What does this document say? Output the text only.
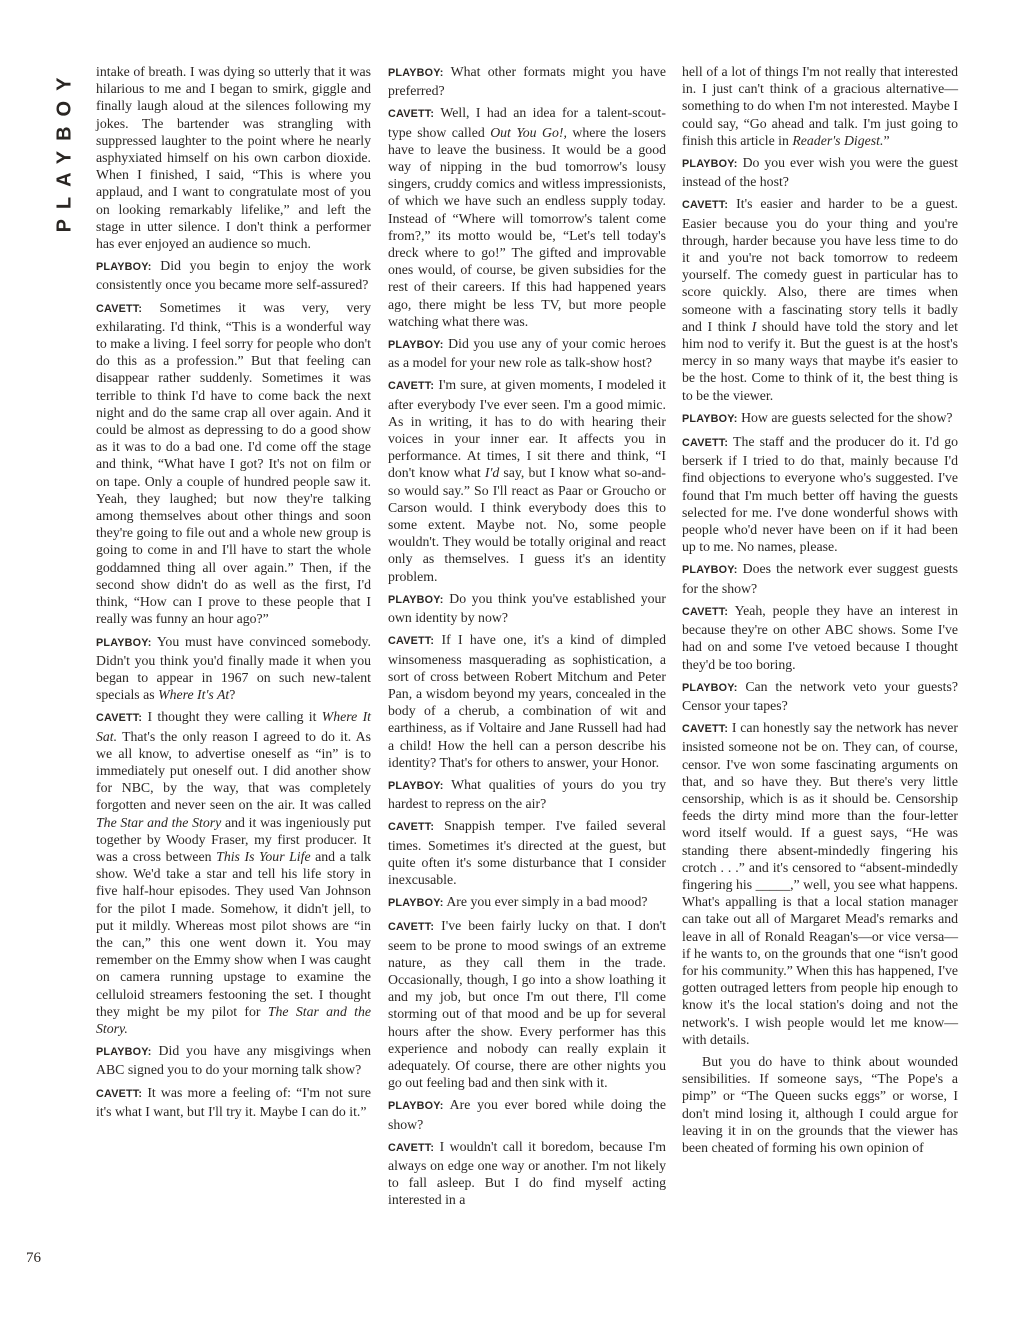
PLAYBOY
76

intake of breath. I was dying so utterly that it was hilarious to me and I began to smirk, giggle and finally laugh aloud at the silences following my jokes. The bartender was strangling with suppressed laughter to the point where he nearly asphyxiated himself on his own carbon dioxide. When I finished, I said, “This is where you applaud, and I want to congratulate most of you on looking remarkably lifelike,” and left the stage in utter silence. I don't think a performer has ever enjoyed an audience so much.

PLAYBOY: Did you begin to enjoy the work consistently once you became more self-assured?

CAVETT: Sometimes it was very, very exhilarating. I'd think, “This is a wonderful way to make a living. I feel sorry for people who don't do this as a profession.” But that feeling can disappear rather suddenly. Sometimes it was terrible to think I'd have to come back the next night and do the same crap all over again. And it could be almost as depressing to do a good show as it was to do a bad one. I'd come off the stage and think, “What have I got? It's not on film or on tape. Only a couple of hundred people saw it. Yeah, they laughed; but now they're talking among themselves about other things and soon they're going to file out and a whole new group is going to come in and I'll have to start the whole goddamned thing all over again.” Then, if the second show didn't do as well as the first, I'd think, “How can I prove to these people that I really was funny an hour ago?”

PLAYBOY: You must have convinced somebody. Didn't you think you'd finally made it when you began to appear in 1967 on such new-talent specials as Where It's At?

CAVETT: I thought they were calling it Where It Sat. That's the only reason I agreed to do it. As we all know, to advertise oneself as “in” is to immediately put oneself out. I did another show for NBC, by the way, that was completely forgotten and never seen on the air. It was called The Star and the Story and it was ingeniously put together by Woody Fraser, my first producer. It was a cross between This Is Your Life and a talk show. We'd take a star and tell his life story in five half-hour episodes. They used Van Johnson for the pilot I made. Somehow, it didn't jell, to put it mildly. Whereas most pilot shows are “in the can,” this one went down it. You may remember on the Emmy show when I was caught on camera running upstage to examine the celluloid streamers festooning the set. I thought they might be my pilot for The Star and the Story.

PLAYBOY: Did you have any misgivings when ABC signed you to do your morning talk show?

CAVETT: It was more a feeling of: “I'm not sure it's what I want, but I'll try it. Maybe I can do it.”

PLAYBOY: What other formats might you have preferred?

CAVETT: Well, I had an idea for a talent-scout-type show called Out You Go!, where the losers have to leave the business. It would be a good way of nipping in the bud tomorrow's lousy singers, cruddy comics and witless impressionists, of which we have such an endless supply today. Instead of “Where will tomorrow's talent come from?,” its motto would be, “Let's tell today's dreck where to go!” The gifted and improvable ones would, of course, be given subsidies for the rest of their careers. If this had happened years ago, there might be less TV, but more people watching what there was.

PLAYBOY: Did you use any of your comic heroes as a model for your new role as talk-show host?

CAVETT: I'm sure, at given moments, I modeled it after everybody I've ever seen. I'm a good mimic. As in writing, it has to do with hearing their voices in your inner ear. It affects you in performance. At times, I sit there and think, “I don't know what I'd say, but I know what so-and-so would say.” So I'll react as Paar or Groucho or Carson would. I think everybody does this to some extent. Maybe not. No, some people wouldn't. They would be totally original and react only as themselves. I guess it's an identity problem.

PLAYBOY: Do you think you've established your own identity by now?

CAVETT: If I have one, it's a kind of dimpled winsomeness masquerading as sophistication, a sort of cross between Robert Mitchum and Peter Pan, a wisdom beyond my years, concealed in the body of a cherub, a combination of wit and earthiness, as if Voltaire and Jane Russell had had a child! How the hell can a person describe his identity? That's for others to answer, your Honor.

PLAYBOY: What qualities of yours do you try hardest to repress on the air?

CAVETT: Snappish temper. I've failed several times. Sometimes it's directed at the guest, but quite often it's some disturbance that I consider inexcusable.

PLAYBOY: Are you ever simply in a bad mood?

CAVETT: I've been fairly lucky on that. I don't seem to be prone to mood swings of an extreme nature, as they call them in the trade. Occasionally, though, I go into a show loathing it and my job, but once I'm out there, I'll come storming out of that mood and be up for several hours after the show. Every performer has this experience and nobody can really explain it adequately. Of course, there are other nights you go out feeling bad and then sink with it.

PLAYBOY: Are you ever bored while doing the show?

CAVETT: I wouldn't call it boredom, because I'm always on edge one way or another. I'm not likely to fall asleep. But I do find myself acting interested in a

hell of a lot of things I'm not really that interested in. I just can't think of a gracious alternative—something to do when I'm not interested. Maybe I could say, “Go ahead and talk. I'm just going to finish this article in Reader's Digest.”

PLAYBOY: Do you ever wish you were the guest instead of the host?

CAVETT: It's easier and harder to be a guest. Easier because you do your thing and you're through, harder because you have less time to do it and you're not back tomorrow to redeem yourself. The comedy guest in particular has to score quickly. Also, there are times when someone with a fascinating story tells it badly and I think I should have told the story and let him nod to verify it. But the guest is at the host's mercy in so many ways that maybe it's easier to be the host. Come to think of it, the best thing is to be the viewer.

PLAYBOY: How are guests selected for the show?

CAVETT: The staff and the producer do it. I'd go berserk if I tried to do that, mainly because I'd find objections to everyone who's suggested. I've found that I'm much better off having the guests selected for me. I've done wonderful shows with people who'd never have been on if it had been up to me. No names, please.

PLAYBOY: Does the network ever suggest guests for the show?

CAVETT: Yeah, people they have an interest in because they're on other ABC shows. Some I've had on and some I've vetoed because I thought they'd be too boring.

PLAYBOY: Can the network veto your guests? Censor your tapes?

CAVETT: I can honestly say the network has never insisted someone not be on. They can, of course, censor. I've won some fascinating arguments on that, and so have they. But there's very little censorship, which is as it should be. Censorship feeds the dirty mind more than the four-letter word itself would. If a guest says, “He was standing there absent-mindedly fingering his crotch . . .” and it's censored to “absent-mindedly fingering his _____,” well, you see what happens. What's appalling is that a local station manager can take out all of Margaret Mead's remarks and leave in all of Ronald Reagan's—or vice versa—if he wants to, on the grounds that one “isn't good for his community.” When this has happened, I've gotten outraged letters from people hip enough to know it's the local station's doing and not the network's. I wish people would let me know—with details.

But you do have to think about wounded sensibilities. If someone says, “The Pope's a pimp” or “The Queen sucks eggs” or worse, I don't mind losing it, although I could argue for leaving it in on the grounds that the viewer has been cheated of forming his own opinion of
